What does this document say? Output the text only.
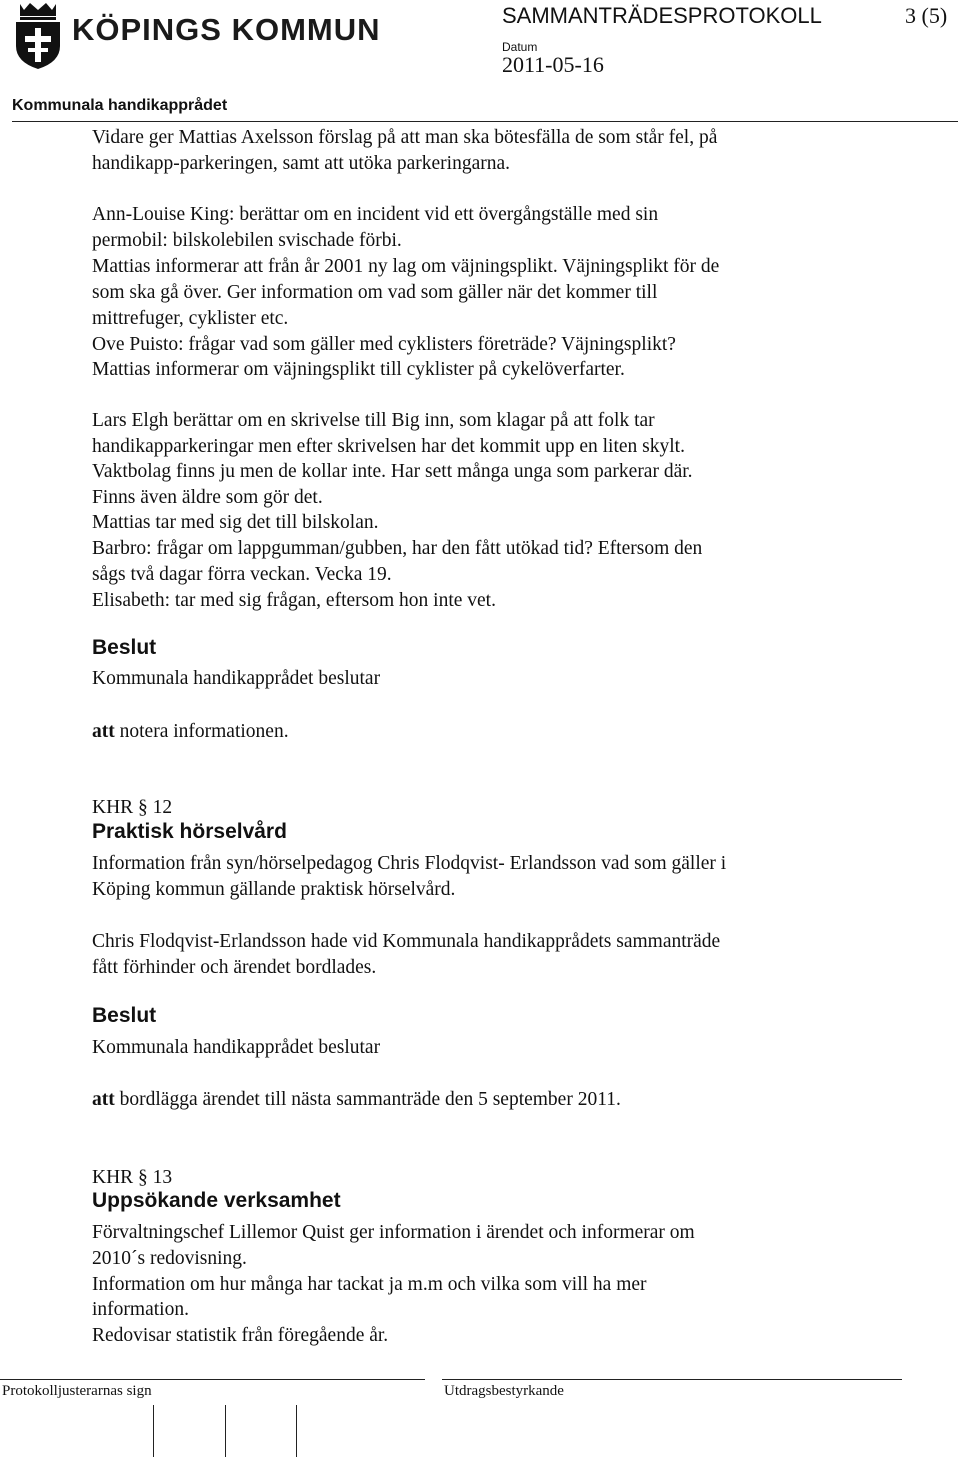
KÖPINGS KOMMUN	SAMMANTRÄDESPROTOKOLL	3 (5)
Datum
2011-05-16
Kommunala handikapprådet
Vidare ger Mattias Axelsson förslag på att man ska bötesfälla de som står fel, på
handikapp-parkeringen, samt att utöka parkeringarna.
Ann-Louise King: berättar om en incident vid ett övergångställe med sin
permobil: bilskolebilen svischade förbi.
Mattias informerar att från år 2001 ny lag om väjningsplikt. Väjningsplikt för de
som ska gå över. Ger information om vad som gäller när det kommer till
mittrefuger, cyklister etc.
Ove Puisto: frågar vad som gäller med cyklisters företräde? Väjningsplikt?
Mattias informerar om väjningsplikt till cyklister på cykelöverfarter.
Lars Elgh berättar om en skrivelse till Big inn, som klagar på att folk tar
handikapparkeringar men efter skrivelsen har det kommit upp en liten skylt.
Vaktbolag finns ju men de kollar inte. Har sett många unga som parkerar där.
Finns även äldre som gör det.
Mattias tar med sig det till bilskolan.
Barbro: frågar om lappgumman/gubben, har den fått utökad tid? Eftersom den
sågs två dagar förra veckan. Vecka 19.
Elisabeth: tar med sig frågan, eftersom hon inte vet.
Beslut
Kommunala handikapprådet beslutar
att notera informationen.
KHR § 12
Praktisk hörselvård
Information från syn/hörselpedagog Chris Flodqvist- Erlandsson vad som gäller i
Köping kommun gällande praktisk hörselvård.
Chris Flodqvist-Erlandsson hade vid Kommunala handikapprådets sammanträde
fått förhinder och ärendet bordlades.
Beslut
Kommunala handikapprådet beslutar
att bordlägga ärendet till nästa sammanträde den 5 september 2011.
KHR § 13
Uppsökande verksamhet
Förvaltningschef Lillemor Quist ger information i ärendet och informerar om
2010´s redovisning.
Information om hur många har tackat ja m.m och vilka som vill ha mer
information.
Redovisar statistik från föregående år.
Protokolljusterarnas sign	Utdragsbestyrkande
